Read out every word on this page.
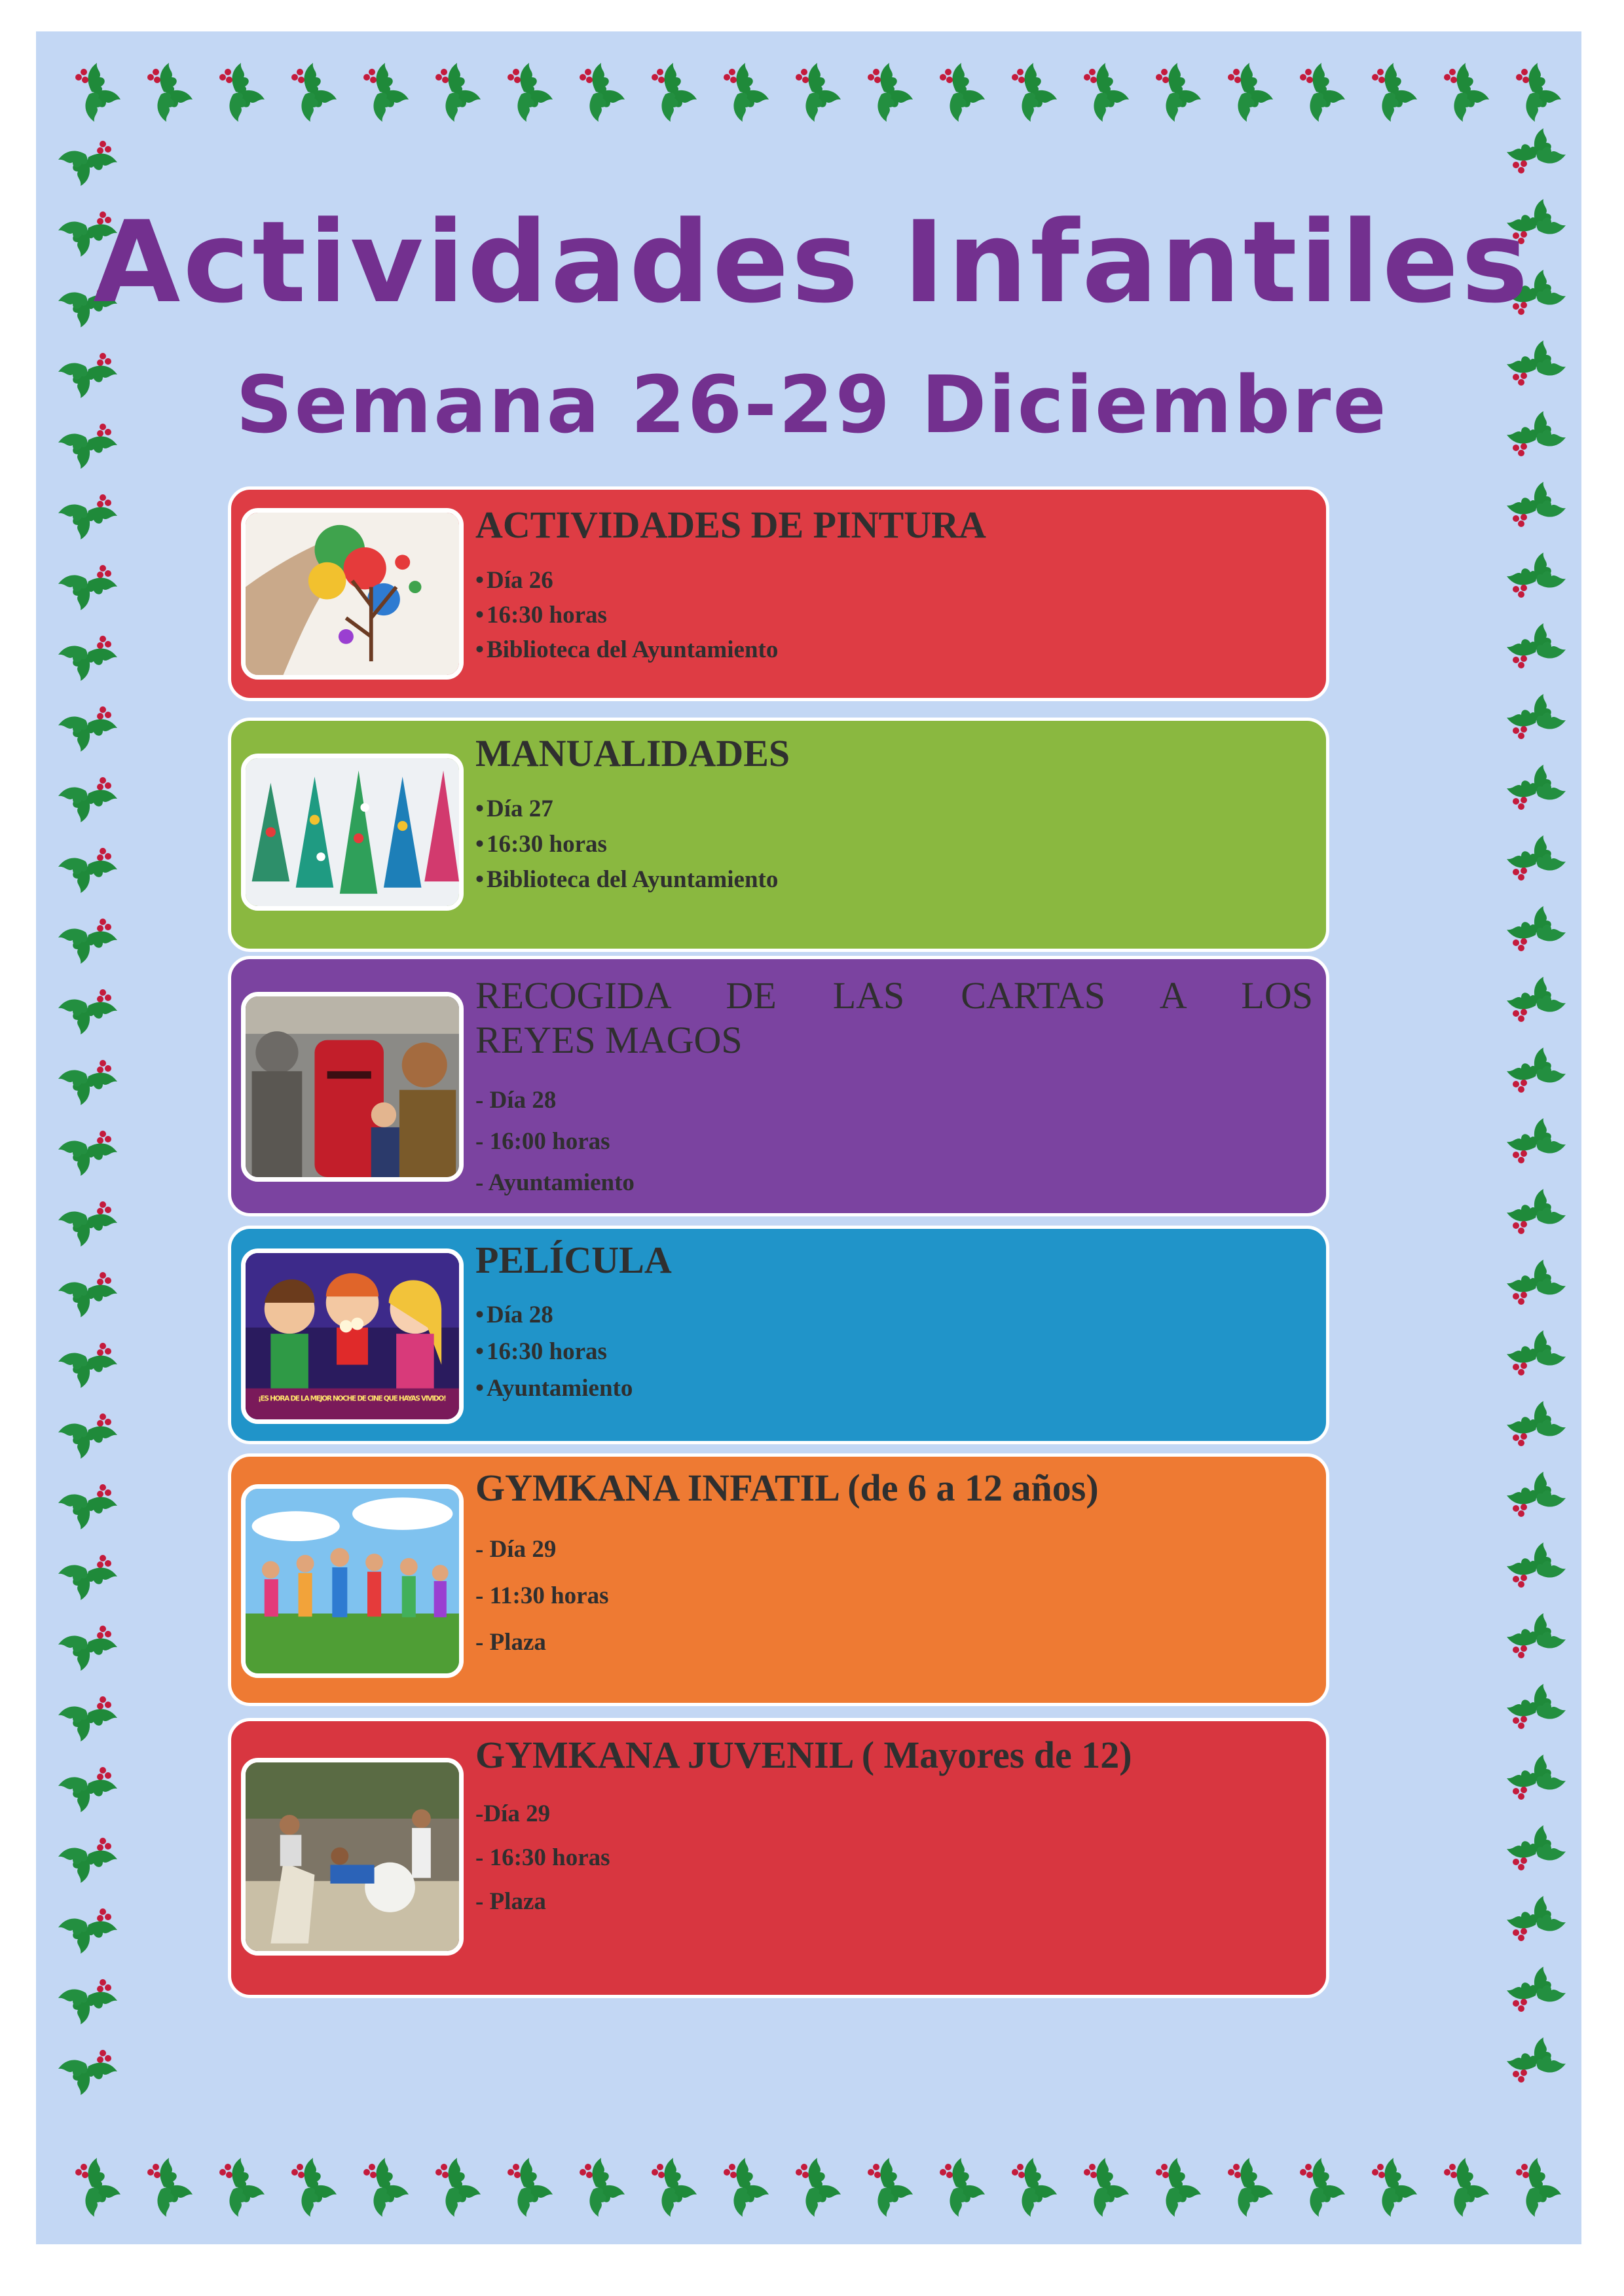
Actividades Infantiles
Semana 26-29 Diciembre
ACTIVIDADES DE PINTURA
• Día 26
• 16:30 horas
• Biblioteca del Ayuntamiento
MANUALIDADES
• Día 27
• 16:30 horas
• Biblioteca del Ayuntamiento
RECOGIDA DE LAS CARTAS A LOS
REYES MAGOS
- Día 28
- 16:00 horas
- Ayuntamiento
¡ES HORA DE LA MEJOR NOCHE DE CINE QUE HAYAS VIVIDO!
PELÍCULA
• Día 28
• 16:30 horas
• Ayuntamiento
GYMKANA INFATIL (de 6 a 12 años)
- Día 29
- 11:30 horas
- Plaza
GYMKANA JUVENIL ( Mayores de 12)
-Día 29
- 16:30 horas
- Plaza
